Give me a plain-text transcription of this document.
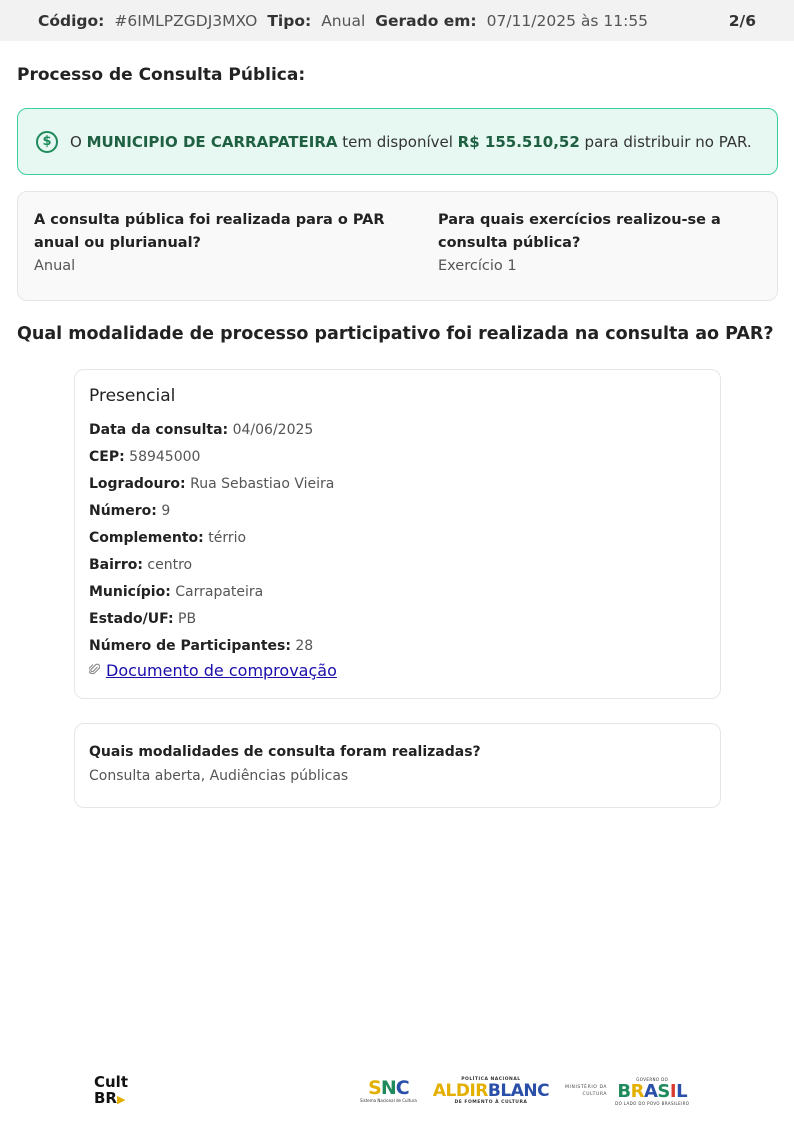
Código: #6IMLPZGDJ3MXO Tipo: Anual Gerado em: 07/11/2025 às 11:55	2/6
Processo de Consulta Pública:
$	O MUNICIPIO DE CARRAPATEIRA tem disponível R$ 155.510,52 para distribuir no PAR.
A consulta pública foi realizada para o PAR anual ou plurianual?
Anual
Para quais exercícios realizou-se a consulta pública?
Exercício 1
Qual modalidade de processo participativo foi realizada na consulta ao PAR?
Presencial
Data da consulta: 04/06/2025
CEP: 58945000
Logradouro: Rua Sebastiao Vieira
Número: 9
Complemento: térrio
Bairro: centro
Município: Carrapateira
Estado/UF: PB
Número de Participantes: 28
Documento de comprovação
Quais modalidades de consulta foram realizadas?
Consulta aberta, Audiências públicas
Cult
BR▶
S N C
Sistema Nacional de Cultura
POLÍTICA NACIONAL
ALDIRBLANC
DE FOMENTO À CULTURA
MINISTÉRIO DA
CULTURA
GOVERNO DO
BRASIL
DO LADO DO POVO BRASILEIRO
